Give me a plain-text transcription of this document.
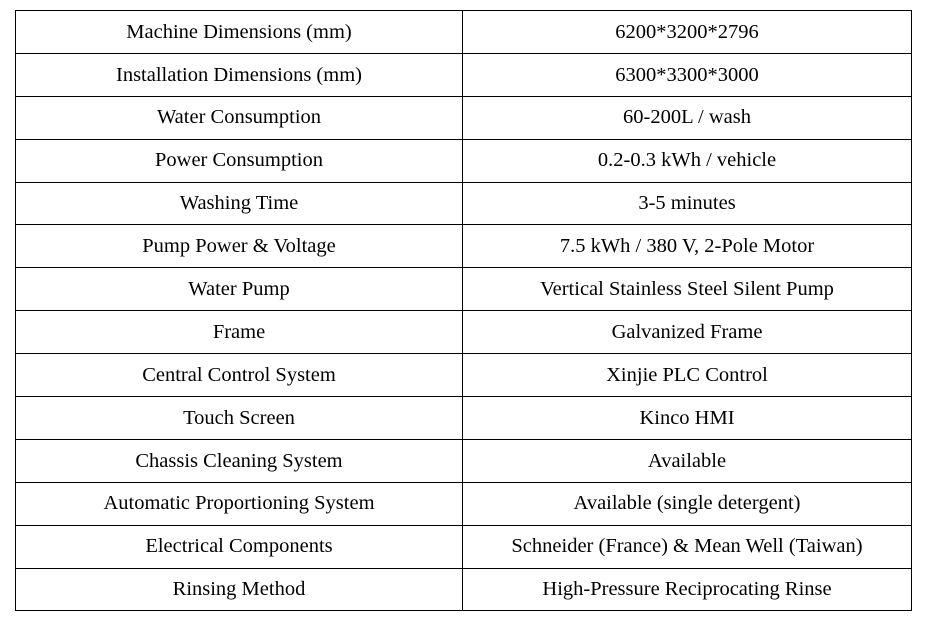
Machine Dimensions (mm)	6200*3200*2796
Installation Dimensions (mm)	6300*3300*3000
Water Consumption	60-200L / wash
Power Consumption	0.2-0.3 kWh / vehicle
Washing Time	3-5 minutes
Pump Power & Voltage	7.5 kWh / 380 V, 2-Pole Motor
Water Pump	Vertical Stainless Steel Silent Pump
Frame	Galvanized Frame
Central Control System	Xinjie PLC Control
Touch Screen	Kinco HMI
Chassis Cleaning System	Available
Automatic Proportioning System	Available (single detergent)
Electrical Components	Schneider (France) & Mean Well (Taiwan)
Rinsing Method	High-Pressure Reciprocating Rinse
